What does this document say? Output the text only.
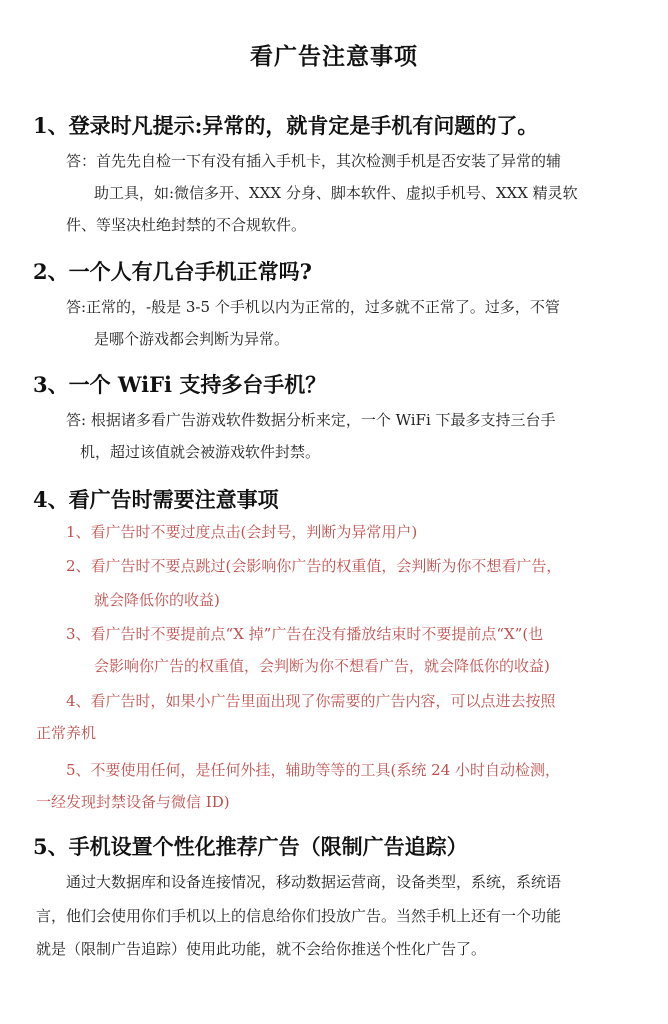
看广告注意事项
1、登录时凡提示:异常的，就肯定是手机有问题的了。
答：首先先自检一下有没有插入手机卡，其次检测手机是否安装了异常的辅
助工具，如:微信多开、XXX 分身、脚本软件、虚拟手机号、XXX 精灵软
件、等坚决杜绝封禁的不合规软件。
2、一个人有几台手机正常吗?
答:正常的，-般是 3-5 个手机以内为正常的，过多就不正常了。过多，不管
是哪个游戏都会判断为异常。
3、一个 WiFi 支持多台手机？
答: 根据诸多看广告游戏软件数据分析来定，一个 WiFi 下最多支持三台手
机，超过该值就会被游戏软件封禁。
4、看广告时需要注意事项
1、看广告时不要过度点击(会封号，判断为异常用户)
2、看广告时不要点跳过(会影响你广告的权重值，会判断为你不想看广告，
就会降低你的收益)
3、看广告时不要提前点“X 掉”广告在没有播放结束时不要提前点“X”(也
会影响你广告的权重值，会判断为你不想看广告，就会降低你的收益)
4、看广告时，如果小广告里面出现了你需要的广告内容，可以点进去按照
正常养机
5、不要使用任何，是任何外挂，辅助等等的工具(系统 24 小时自动检测，
一经发现封禁设备与微信 ID)
5、手机设置个性化推荐广告（限制广告追踪）
通过大数据库和设备连接情况，移动数据运营商，设备类型，系统，系统语
言，他们会使用你们手机以上的信息给你们投放广告。当然手机上还有一个功能
就是（限制广告追踪）使用此功能，就不会给你推送个性化广告了。
